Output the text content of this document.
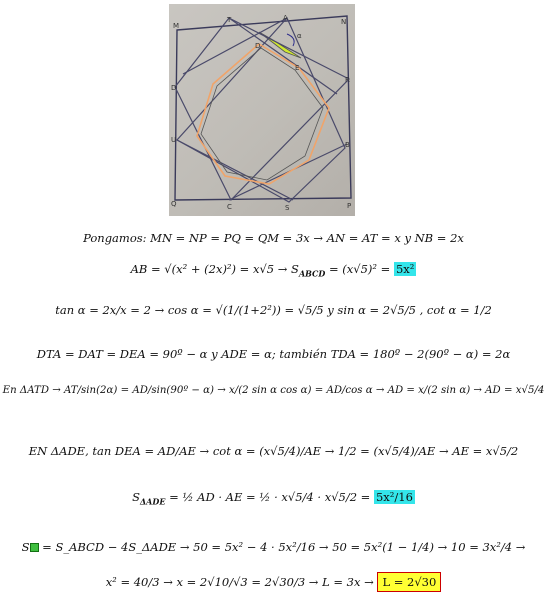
α
M
T	A	N
D
R
U
B
Q	C	S	P
D
E
Pongamos: MN = NP = PQ = QM = 3x → AN = AT = x y NB = 2x
AB = $√(x^2 + (2x)^2) = x√5 \to S_{ABCD} = (x√5)^2 = 5x^2$
tan α = 2x/x = 2 → cos α = √(1/(1+2²)) = √5/5 y sin α = 2√5/5 , cot α = 1/2
DTA = DAT = DEA = 90º − α y ADE = α; también TDA = 180º − 2(90º − α) = 2α
En ΔATD → AT/sin(2α) = AD/sin(90º − α) → x/(2 sin α cos α) = AD/cos α → AD = x/(2 sin α) → AD = x√5/4
EN ΔADE, tan DEA = AD/AE → cot α = (x√5/4)/AE → 1/2 = (x√5/4)/AE → AE = x√5/2
$S_{\Delta ADE}$ = ½ AD · AE = ½ · x√5/4 · x√5/2 = 5x²/16
S = S_ABCD − 4S_ΔADE → 50 = 5x² − 4 · 5x²/16 → 50 = 5x²(1 − 1/4) → 10 = 3x²/4 →
x² = 40/3 → x = 2√10/√3 = 2√30/3 → L = 3x → L = 2√30
